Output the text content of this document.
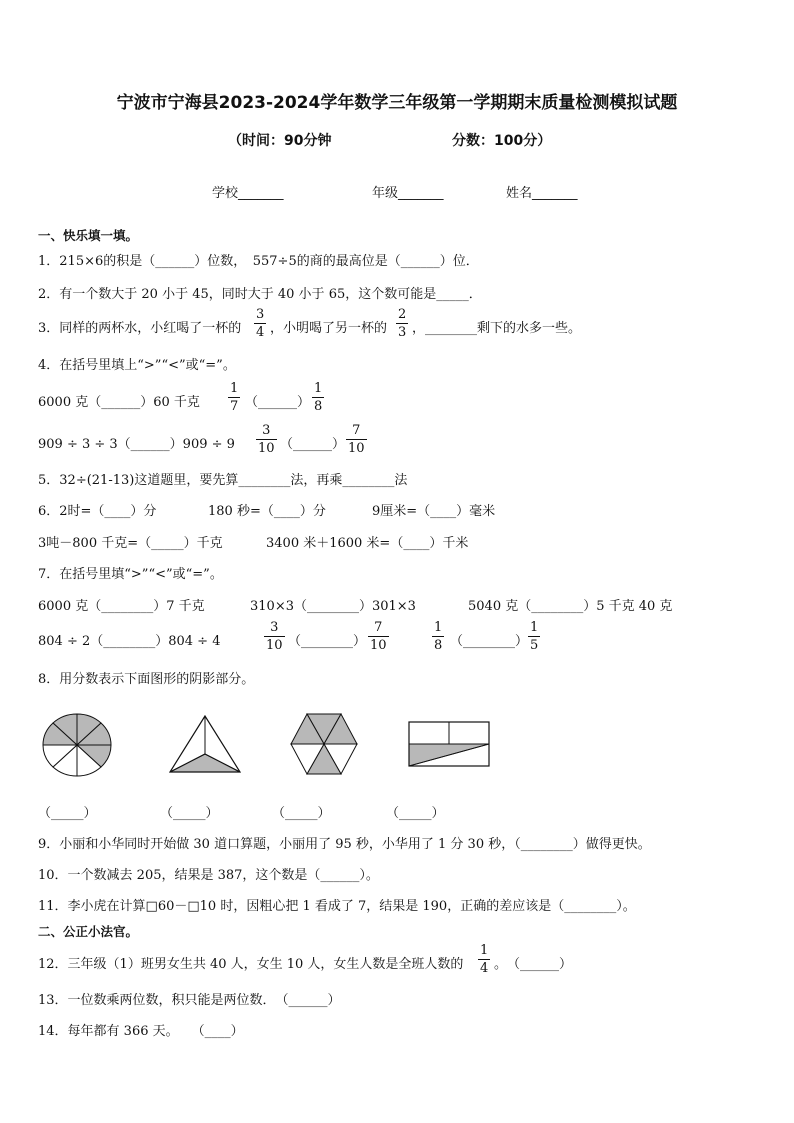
宁波市宁海县2023-2024学年数学三年级第一学期期末质量检测模拟试题
（时间：90分钟	分数：100分）
学校_______	年级_______	姓名_______
一、快乐填一填。
1．215×6的积是（______）位数，　557÷5的商的最高位是（______）位．
2．有一个数大于 20 小于 45，同时大于 40 小于 65，这个数可能是_____．
3．同样的两杯水，小红喝了一杯的
3
4 ，小明喝了另一杯的
2
3 ，________剩下的水多一些。
4．在括号里填上“>”“<”或“=”。
6000 克（______）60 千克
1
7 （______）
1
8
909 ÷ 3 ÷ 3（______）909 ÷ 9
3
10 （______）
7
10
5．32÷(21-13)这道题里，要先算________法，再乘________法
6．2时=（____）分	180 秒=（____）分	9厘米=（____）毫米
3吨－800 千克=（_____）千克	3400 米＋1600 米=（____）千米
7．在括号里填“>”“<”或“=”。
6000 克（________）7 千克	310×3（________）301×3	5040 克（________）5 千克 40 克
804 ÷ 2（________）804 ÷ 4
3
10 （________）
7
10
1
8 （________）
1
5
8．用分数表示下面图形的阴影部分。
（_____）	（_____）	（_____）	（_____）
9．小丽和小华同时开始做 30 道口算题，小丽用了 95 秒，小华用了 1 分 30 秒，（________）做得更快。
10．一个数减去 205，结果是 387，这个数是（______）。
11．李小虎在计算□60－□10 时，因粗心把 1 看成了 7，结果是 190，正确的差应该是（________）。
二、公正小法官。
12．三年级（1）班男女生共 40 人，女生 10 人，女生人数是全班人数的
1
4 。　（______）
13．一位数乘两位数，积只能是两位数．　（______）
14．每年都有 366 天。　　（____）
